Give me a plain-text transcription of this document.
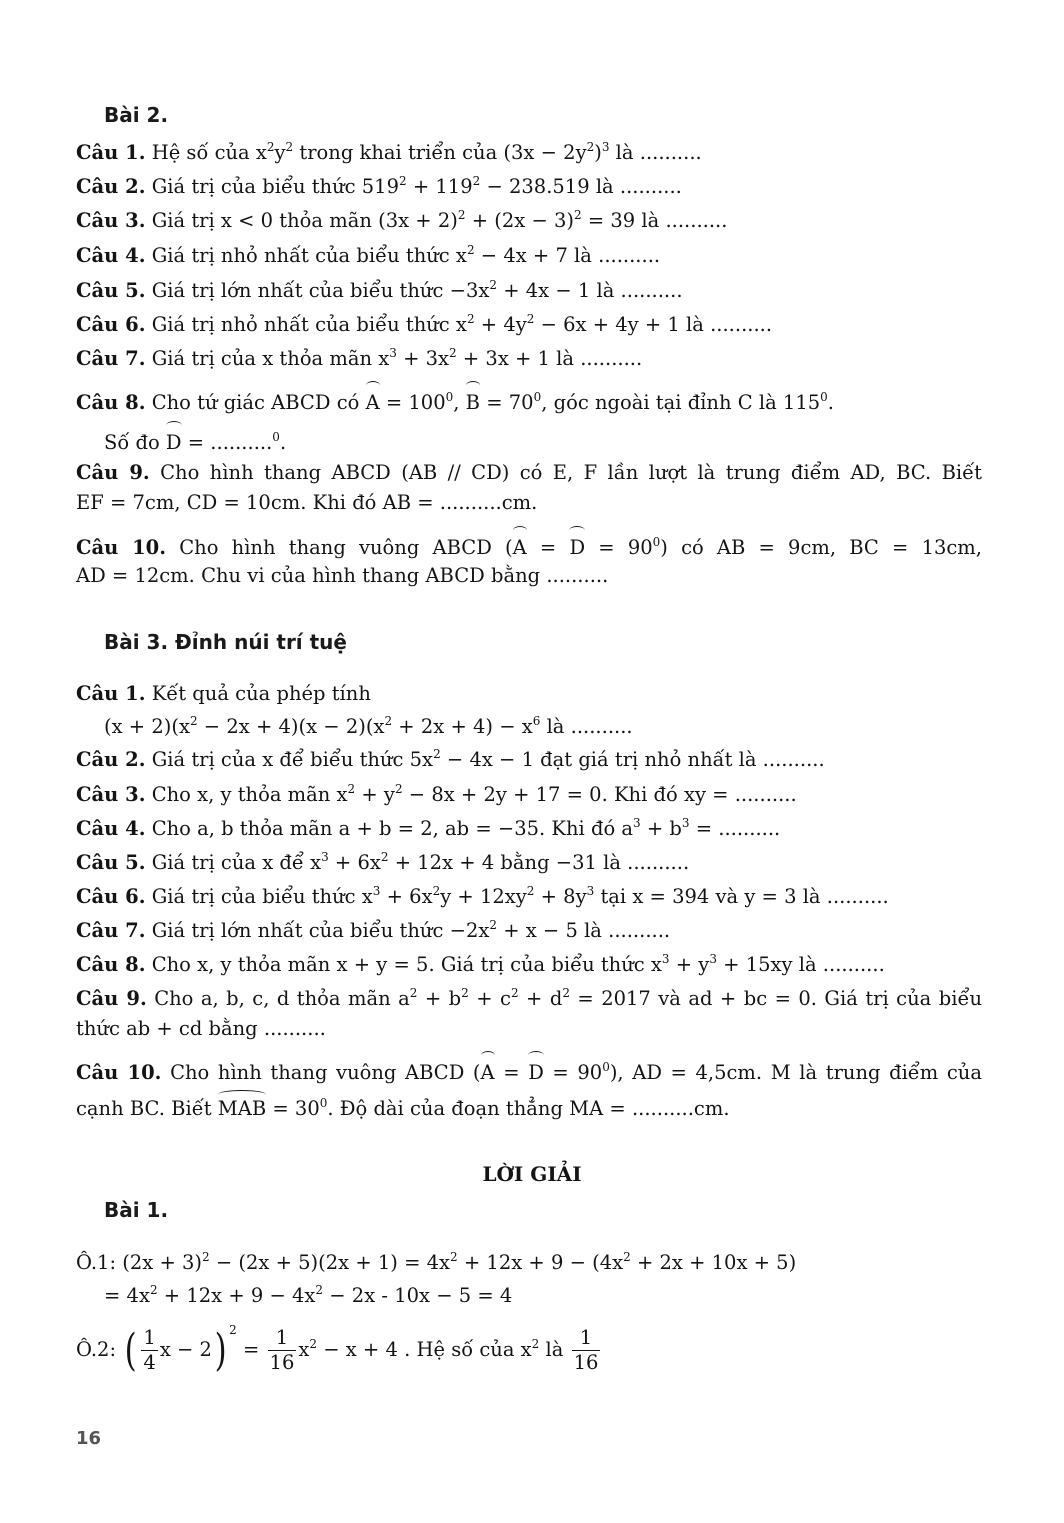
Bài 2.
Câu 1. Hệ số của $x^2y^2$ trong khai triển của $(3x - 2y^2)^3$ là ..........
Câu 2. Giá trị của biểu thức $519^2 + 119^2 - 238.519$ là ..........
Câu 3. Giá trị x < 0 thỏa mãn $(3x + 2)^2 + (2x - 3)^2 = 39$ là ..........
Câu 4. Giá trị nhỏ nhất của biểu thức $x^2 - 4x + 7$ là ..........
Câu 5. Giá trị lớn nhất của biểu thức $-3x^2 + 4x - 1$ là ..........
Câu 6. Giá trị nhỏ nhất của biểu thức $x^2 + 4y^2 - 6x + 4y + 1$ là ..........
Câu 7. Giá trị của x thỏa mãn $x^3 + 3x^2 + 3x + 1$ là ..........
Câu 8. Cho tứ giác ABCD có $A = 100^0$, $B = 70^0$, góc ngoài tại đỉnh C là $115^0$.
Số đo D = ..........$^0$.
Câu 9. Cho hình thang ABCD (AB // CD) có E, F lần lượt là trung điểm AD, BC. Biết
EF = 7cm, CD = 10cm. Khi đó AB = ..........cm.
Câu 10. Cho hình thang vuông ABCD $(A = D = 90^0)$ có AB = 9cm, BC = 13cm,
AD = 12cm. Chu vi của hình thang ABCD bằng ..........
Bài 3. Đỉnh núi trí tuệ
Câu 1. Kết quả của phép tính
$(x + 2)(x^2 - 2x + 4)(x - 2)(x^2 + 2x + 4) - x^6$ là ..........
Câu 2. Giá trị của x để biểu thức $5x^2 - 4x - 1$ đạt giá trị nhỏ nhất là ..........
Câu 3. Cho x, y thỏa mãn $x^2 + y^2 - 8x + 2y + 17 = 0$. Khi đó xy = ..........
Câu 4. Cho a, b thỏa mãn a + b = 2, ab = −35. Khi đó $a^3 + b^3$ = ..........
Câu 5. Giá trị của x để $x^3 + 6x^2 + 12x + 4$ bằng −31 là ..........
Câu 6. Giá trị của biểu thức $x^3 + 6x^2y + 12xy^2 + 8y^3$ tại x = 394 và y = 3 là ..........
Câu 7. Giá trị lớn nhất của biểu thức $-2x^2 + x - 5$ là ..........
Câu 8. Cho x, y thỏa mãn x + y = 5. Giá trị của biểu thức $x^3 + y^3 + 15xy$ là ..........
Câu 9. Cho a, b, c, d thỏa mãn $a^2 + b^2 + c^2 + d^2 = 2017$ và ad + bc = 0. Giá trị của biểu
thức ab + cd bằng ..........
Câu 10. Cho hình thang vuông ABCD $(A = D = 90^0)$, AD = 4,5cm. M là trung điểm của
cạnh BC. Biết MAB = $30^0$. Độ dài của đoạn thẳng MA = ..........cm.
LỜI GIẢI
Bài 1.
Ô.1: $(2x + 3)^2 - (2x + 5)(2x + 1) = 4x^2 + 12x + 9 - (4x^2 + 2x + 10x + 5)$
= $4x^2 + 12x + 9 - 4x^2 - 2x - 10x - 5 = 4$
Ô.2: ( $\frac{1}{4}$ x − 2) $^2 = \frac{1}{16} x^2 - x + 4$ . Hệ số của $x^2$ là $\frac{1}{16}$
16
